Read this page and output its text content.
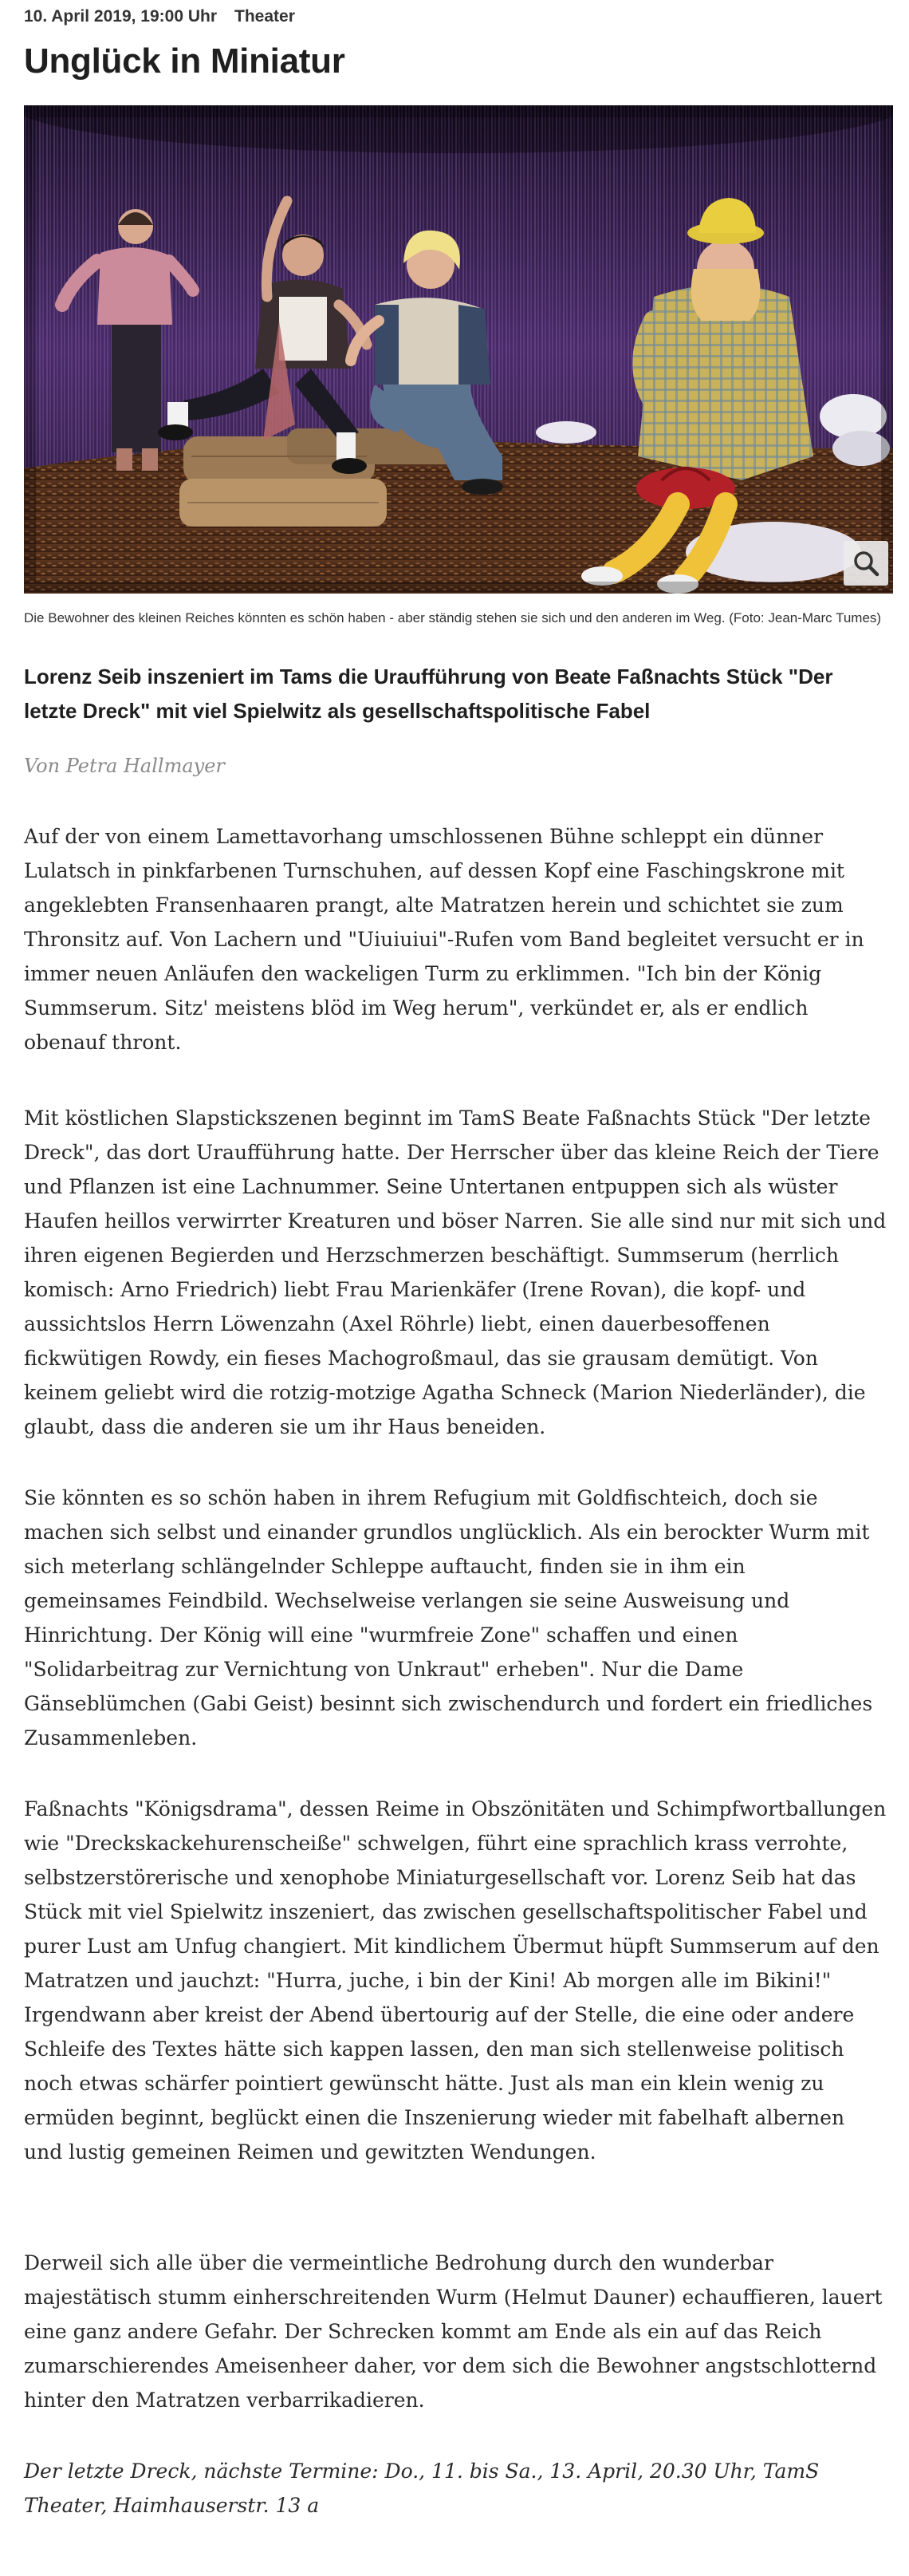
10. April 2019, 19:00 Uhr Theater
Unglück in Miniatur
Die Bewohner des kleinen Reiches könnten es schön haben - aber ständig stehen sie sich und den anderen im Weg. (Foto: Jean-Marc Tumes)
Lorenz Seib inszeniert im Tams die Uraufführung von Beate Faßnachts Stück "Der letzte Dreck" mit viel Spielwitz als gesellschaftspolitische Fabel
Von Petra Hallmayer

Auf der von einem Lamettavorhang umschlossenen Bühne schleppt ein dünner Lulatsch in pinkfarbenen Turnschuhen, auf dessen Kopf eine Faschingskrone mit angeklebten Fransenhaaren prangt, alte Matratzen herein und schichtet sie zum Thronsitz auf. Von Lachern und "Uiuiuiui"-Rufen vom Band begleitet versucht er in immer neuen Anläufen den wackeligen Turm zu erklimmen. "Ich bin der König Summserum. Sitz' meistens blöd im Weg herum", verkündet er, als er endlich obenauf thront.

Mit köstlichen Slapstickszenen beginnt im TamS Beate Faßnachts Stück "Der letzte Dreck", das dort Uraufführung hatte. Der Herrscher über das kleine Reich der Tiere und Pflanzen ist eine Lachnummer. Seine Untertanen entpuppen sich als wüster Haufen heillos verwirrter Kreaturen und böser Narren. Sie alle sind nur mit sich und ihren eigenen Begierden und Herzschmerzen beschäftigt. Summserum (herrlich komisch: Arno Friedrich) liebt Frau Marienkäfer (Irene Rovan), die kopf- und aussichtslos Herrn Löwenzahn (Axel Röhrle) liebt, einen dauerbesoffenen fickwütigen Rowdy, ein fieses Machogroßmaul, das sie grausam demütigt. Von keinem geliebt wird die rotzig-motzige Agatha Schneck (Marion Niederländer), die glaubt, dass die anderen sie um ihr Haus beneiden.

Sie könnten es so schön haben in ihrem Refugium mit Goldfischteich, doch sie machen sich selbst und einander grundlos unglücklich. Als ein berockter Wurm mit sich meterlang schlängelnder Schleppe auftaucht, finden sie in ihm ein gemeinsames Feindbild. Wechselweise verlangen sie seine Ausweisung und Hinrichtung. Der König will eine "wurmfreie Zone" schaffen und einen "Solidarbeitrag zur Vernichtung von Unkraut" erheben". Nur die Dame Gänseblümchen (Gabi Geist) besinnt sich zwischendurch und fordert ein friedliches Zusammenleben.

Faßnachts "Königsdrama", dessen Reime in Obszönitäten und Schimpfwortballungen wie "Dreckskackehurenscheiße" schwelgen, führt eine sprachlich krass verrohte, selbstzerstörerische und xenophobe Miniaturgesellschaft vor. Lorenz Seib hat das Stück mit viel Spielwitz inszeniert, das zwischen gesellschaftspolitischer Fabel und purer Lust am Unfug changiert. Mit kindlichem Übermut hüpft Summserum auf den Matratzen und jauchzt: "Hurra, juche, i bin der Kini! Ab morgen alle im Bikini!" Irgendwann aber kreist der Abend übertourig auf der Stelle, die eine oder andere Schleife des Textes hätte sich kappen lassen, den man sich stellenweise politisch noch etwas schärfer pointiert gewünscht hätte. Just als man ein klein wenig zu ermüden beginnt, beglückt einen die Inszenierung wieder mit fabelhaft albernen und lustig gemeinen Reimen und gewitzten Wendungen.

Derweil sich alle über die vermeintliche Bedrohung durch den wunderbar majestätisch stumm einherschreitenden Wurm (Helmut Dauner) echauffieren, lauert eine ganz andere Gefahr. Der Schrecken kommt am Ende als ein auf das Reich zumarschierendes Ameisenheer daher, vor dem sich die Bewohner angstschlotternd hinter den Matratzen verbarrikadieren.

Der letzte Dreck, nächste Termine: Do., 11. bis Sa., 13. April, 20.30 Uhr, TamS Theater, Haimhauserstr. 13 a
